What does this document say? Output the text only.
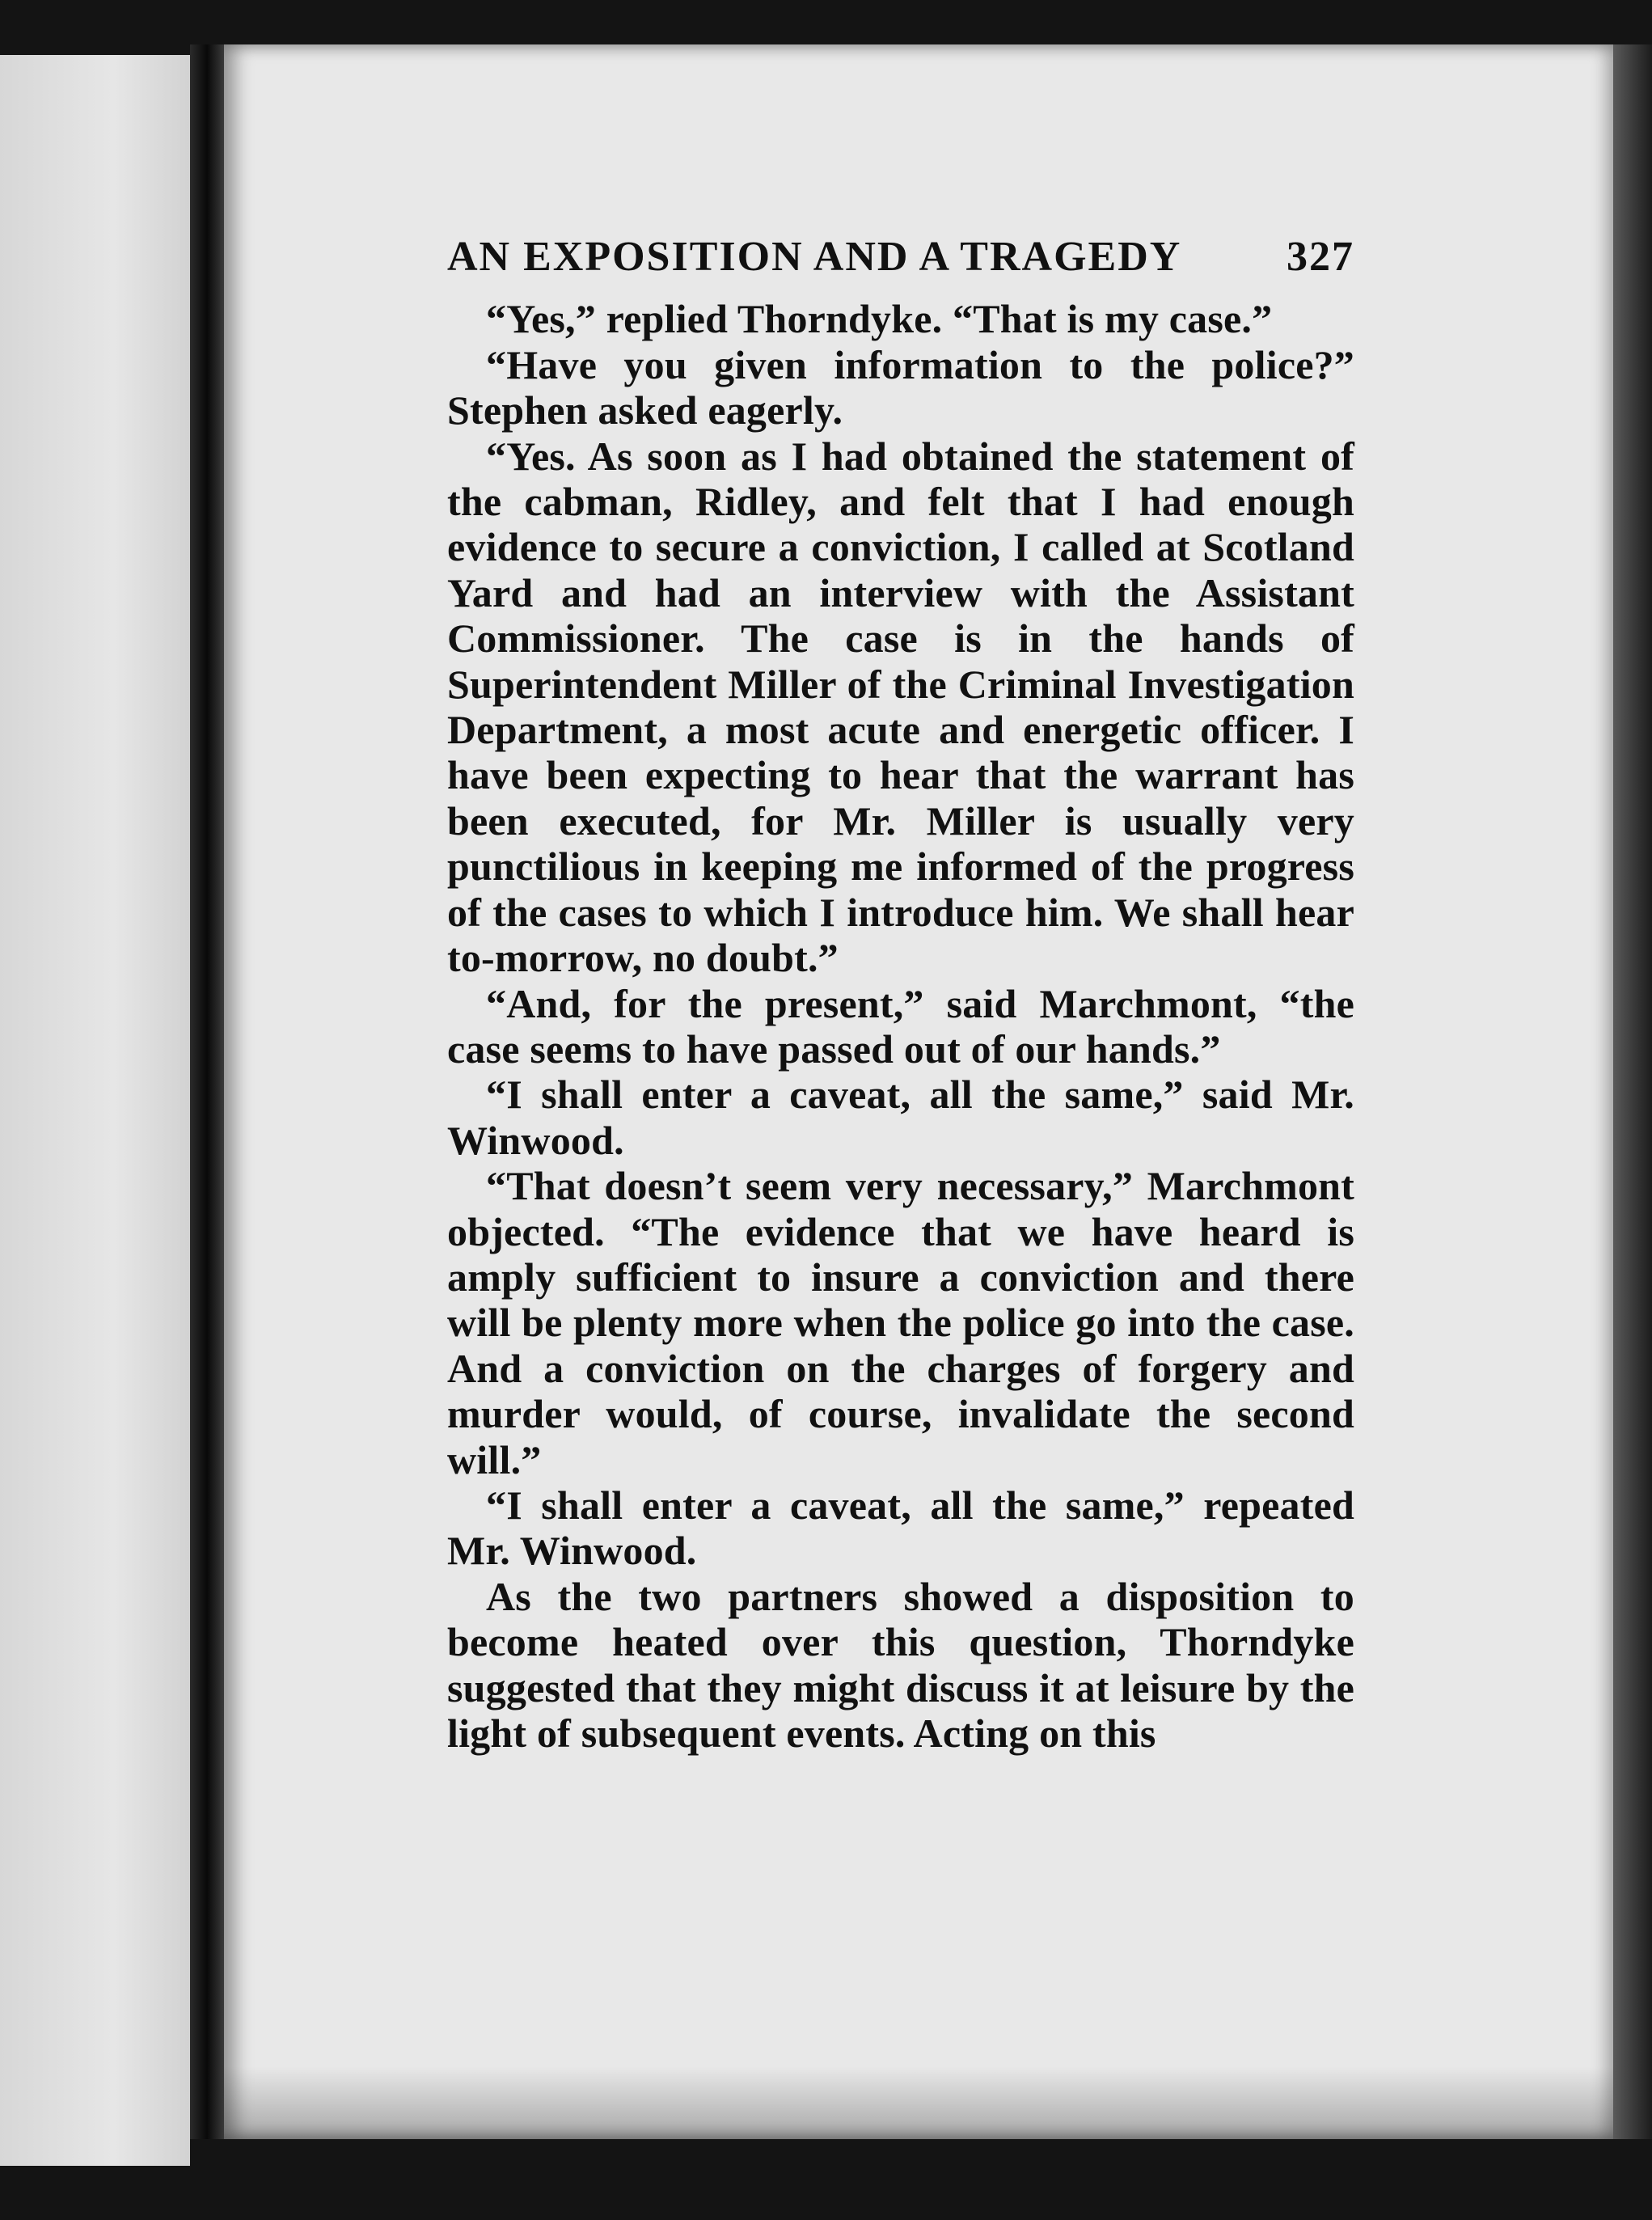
AN EXPOSITION AND A TRAGEDY 327

“Yes,” replied Thorndyke. “That is my case.”

“Have you given information to the police?” Stephen asked eagerly.

“Yes. As soon as I had obtained the statement of the cabman, Ridley, and felt that I had enough evidence to secure a conviction, I called at Scotland Yard and had an interview with the Assistant Commissioner. The case is in the hands of Superintendent Miller of the Criminal Investigation Department, a most acute and energetic officer. I have been expecting to hear that the warrant has been executed, for Mr. Miller is usually very punctilious in keeping me informed of the progress of the cases to which I introduce him. We shall hear to-morrow, no doubt.”

“And, for the present,” said Marchmont, “the case seems to have passed out of our hands.”

“I shall enter a caveat, all the same,” said Mr. Winwood.

“That doesn’t seem very necessary,” Marchmont objected. “The evidence that we have heard is amply sufficient to insure a conviction and there will be plenty more when the police go into the case. And a conviction on the charges of forgery and murder would, of course, invalidate the second will.”

“I shall enter a caveat, all the same,” repeated Mr. Winwood.

As the two partners showed a disposition to become heated over this question, Thorndyke suggested that they might discuss it at leisure by the light of subsequent events. Acting on this
